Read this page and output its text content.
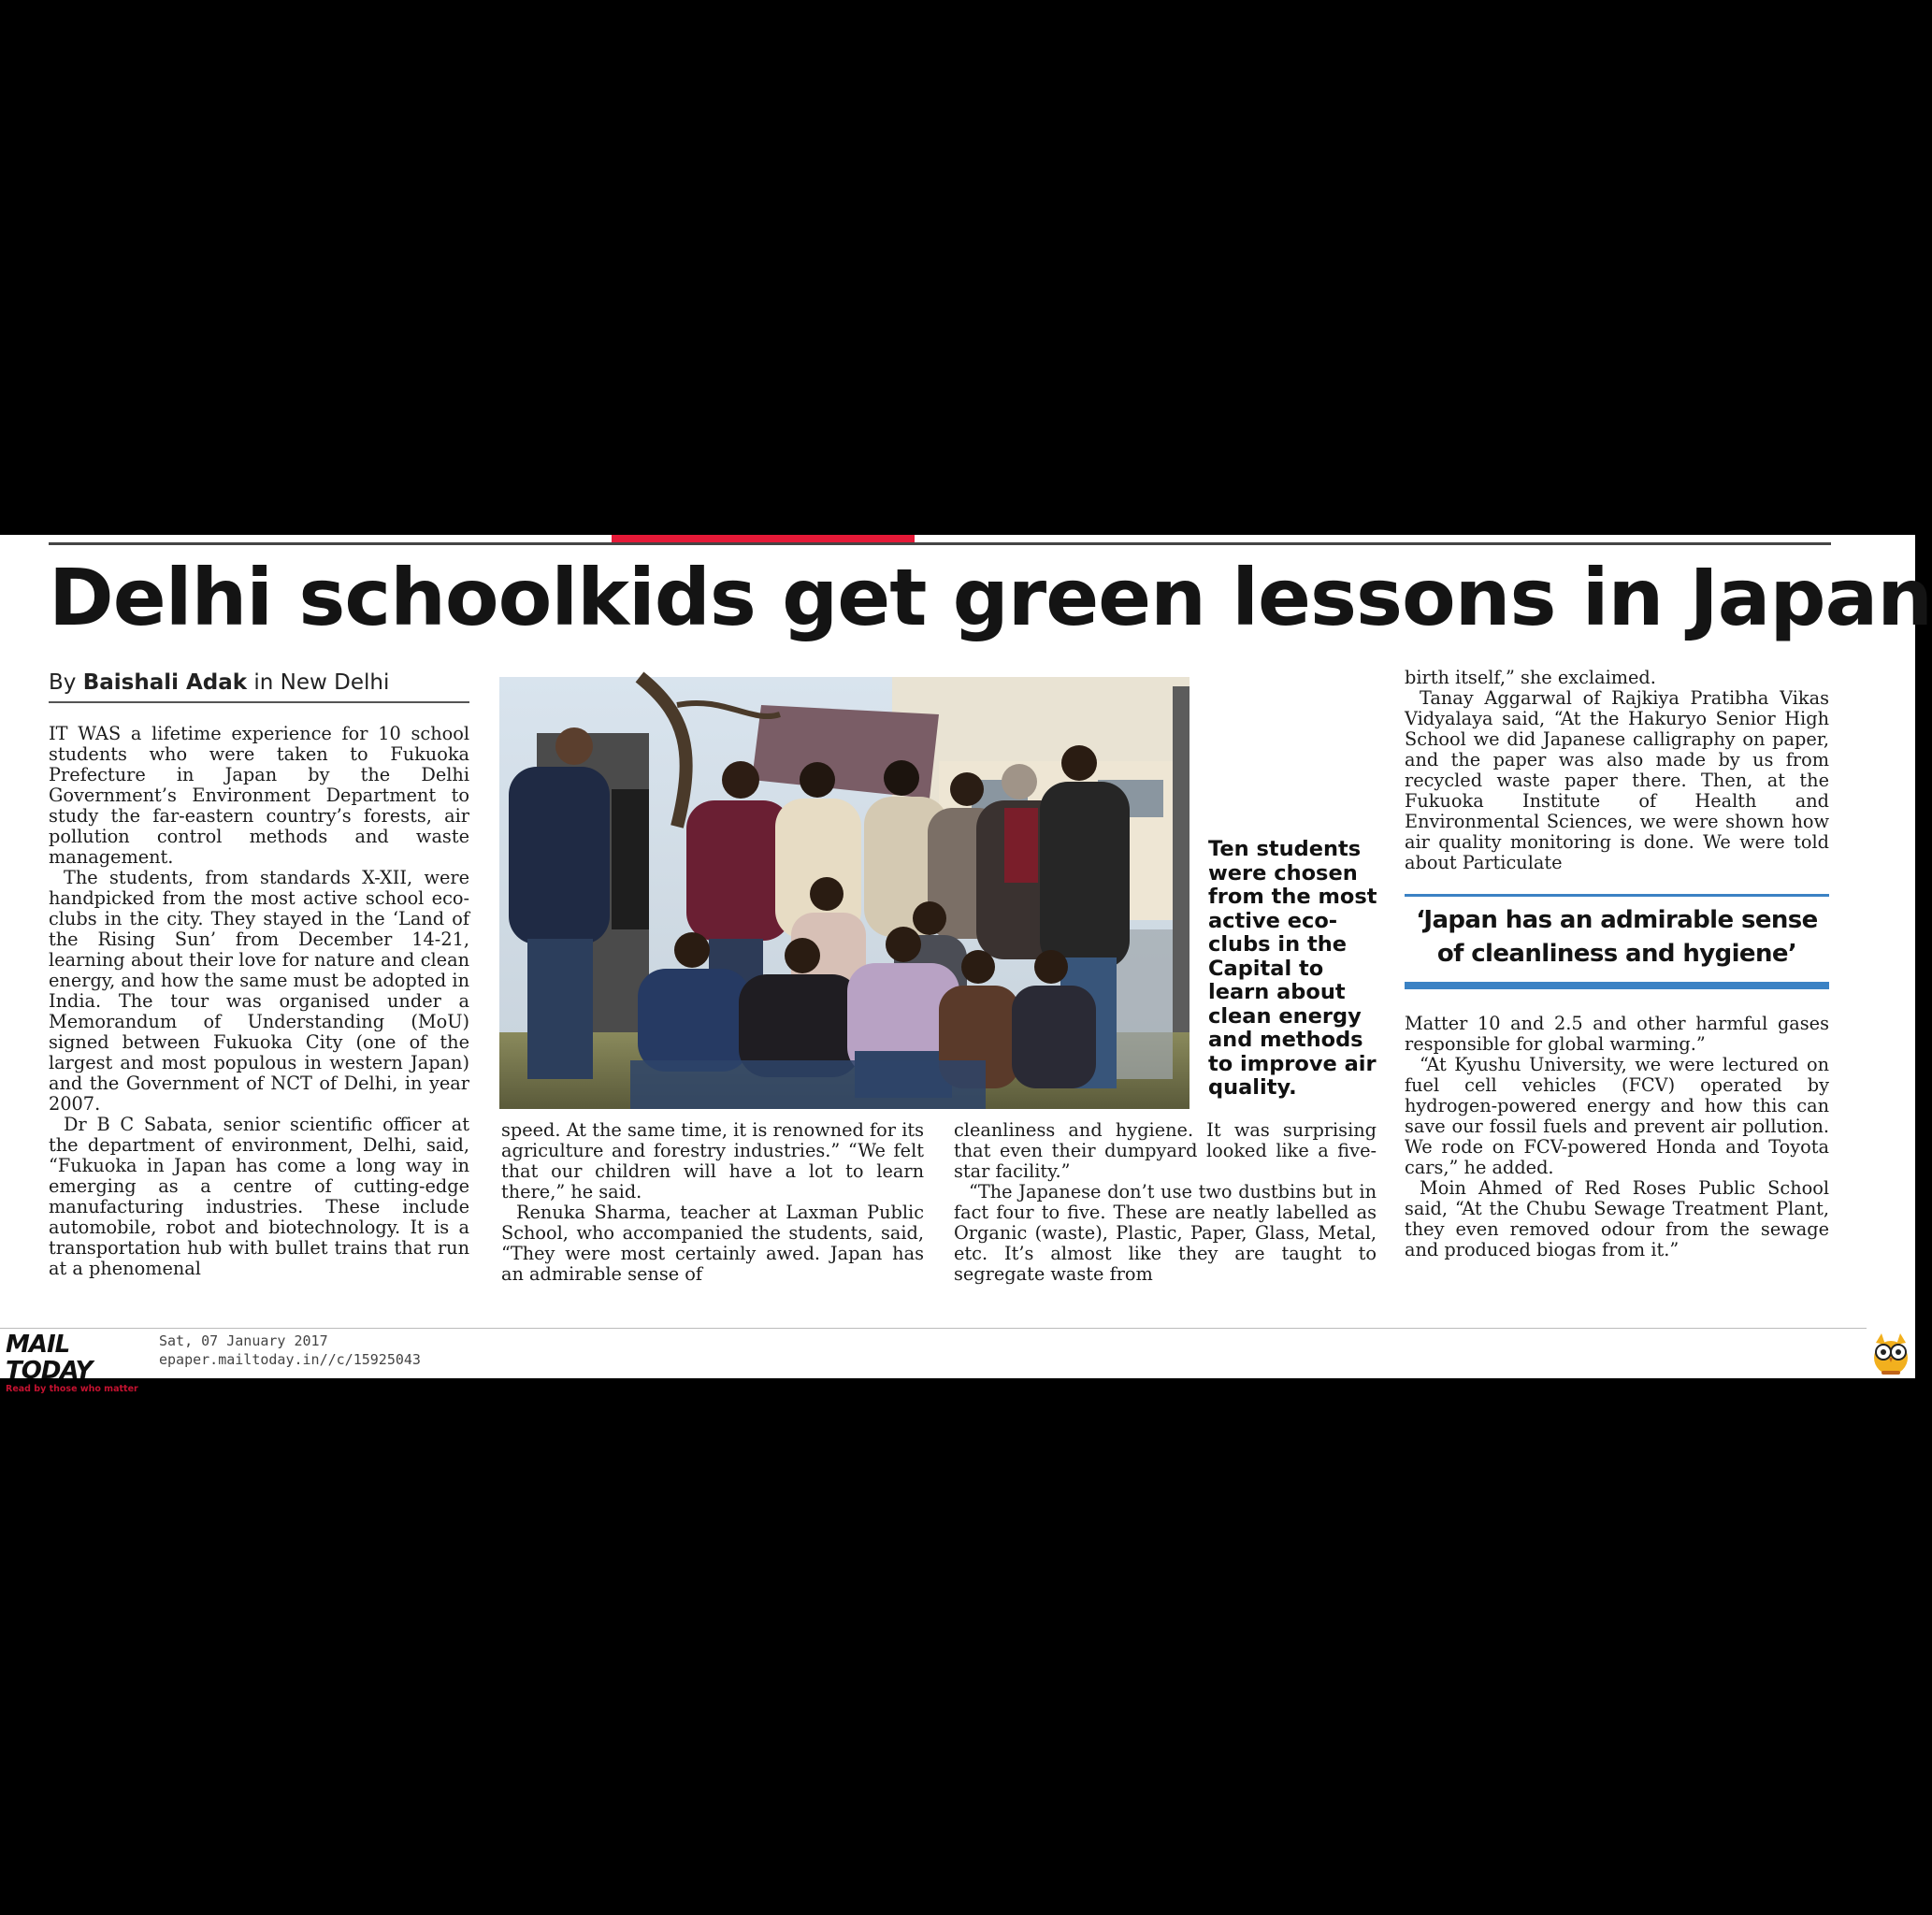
Delhi schoolkids get green lessons in Japan
By Baishali Adak in New Delhi

IT WAS a lifetime experience for 10 school students who were taken to Fukuoka Prefecture in Japan by the Delhi Government’s Environment Department to study the far-eastern country’s forests, air pollution control methods and waste management.

The students, from standards X-XII, were handpicked from the most active school eco-clubs in the city. They stayed in the ‘Land of the Rising Sun’ from December 14-21, learning about their love for nature and clean energy, and how the same must be adopted in India. The tour was organised under a Memorandum of Understanding (MoU) signed between Fukuoka City (one of the largest and most populous in western Japan) and the Government of NCT of Delhi, in year 2007.

Dr B C Sabata, senior scientific officer at the department of environment, Delhi, said, “Fukuoka in Japan has come a long way in emerging as a centre of cutting-edge manufacturing industries. These include automobile, robot and biotechnology. It is a transportation hub with bullet trains that run at a phenomenal

Ten students were chosen from the most active eco-clubs in the Capital to learn about clean energy and methods to improve air quality.

speed. At the same time, it is renowned for its agriculture and forestry industries.” “We felt that our children will have a lot to learn there,” he said.

Renuka Sharma, teacher at Laxman Public School, who accompanied the students, said, “They were most certainly awed. Japan has an admirable sense of

cleanliness and hygiene. It was surprising that even their dumpyard looked like a five-star facility.”

“The Japanese don’t use two dustbins but in fact four to five. These are neatly labelled as Organic (waste), Plastic, Paper, Glass, Metal, etc. It’s almost like they are taught to segregate waste from

birth itself,” she exclaimed.

Tanay Aggarwal of Rajkiya Pratibha Vikas Vidyalaya said, “At the Hakuryo Senior High School we did Japanese calligraphy on paper, and the paper was also made by us from recycled waste paper there. Then, at the Fukuoka Institute of Health and Environmental Sciences, we were shown how air quality monitoring is done. We were told about Particulate

‘Japan has an admirable sense of cleanliness and hygiene’

Matter 10 and 2.5 and other harmful gases responsible for global warming.”

“At Kyushu University, we were lectured on fuel cell vehicles (FCV) operated by hydrogen-powered energy and how this can save our fossil fuels and prevent air pollution. We rode on FCV-powered Honda and Toyota cars,” he added.

Moin Ahmed of Red Roses Public School said, “At the Chubu Sewage Treatment Plant, they even removed odour from the sewage and produced biogas from it.”

MAIL TODAY
Read by those who matter
Sat, 07 January 2017
epaper.mailtoday.in//c/15925043
